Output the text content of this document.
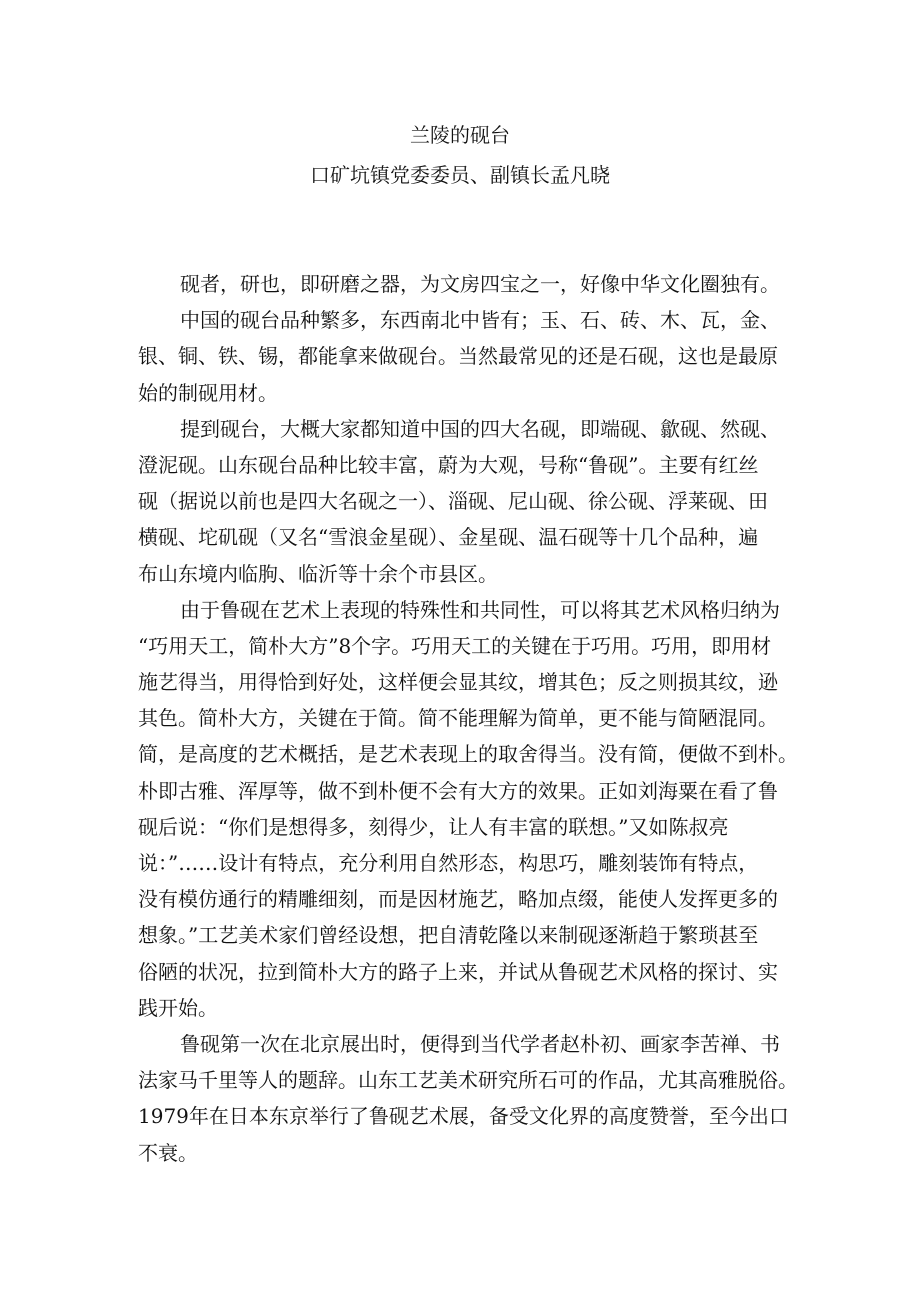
兰陵的砚台
口矿坑镇党委委员、副镇长孟凡晓
砚者，研也，即研磨之器，为文房四宝之一，好像中华文化圈独有。
中国的砚台品种繁多，东西南北中皆有；玉、石、砖、木、瓦，金、
银、铜、铁、锡，都能拿来做砚台。当然最常见的还是石砚，这也是最原
始的制砚用材。
提到砚台，大概大家都知道中国的四大名砚，即端砚、歙砚、然砚、
澄泥砚。山东砚台品种比较丰富，蔚为大观，号称“鲁砚”。主要有红丝
砚（据说以前也是四大名砚之一）、淄砚、尼山砚、徐公砚、浮莱砚、田
横砚、坨矶砚（又名“雪浪金星砚）、金星砚、温石砚等十几个品种，遍
布山东境内临朐、临沂等十余个市县区。
由于鲁砚在艺术上表现的特殊性和共同性，可以将其艺术风格归纳为
“巧用天工，简朴大方”8个字。巧用天工的关键在于巧用。巧用，即用材
施艺得当，用得恰到好处，这样便会显其纹，增其色；反之则损其纹，逊
其色。简朴大方，关键在于简。简不能理解为简单，更不能与简陋混同。
简，是高度的艺术概括，是艺术表现上的取舍得当。没有简，便做不到朴。
朴即古雅、浑厚等，做不到朴便不会有大方的效果。正如刘海粟在看了鲁
砚后说：“你们是想得多，刻得少，让人有丰富的联想。”又如陈叔亮
说：”……设计有特点，充分利用自然形态，构思巧，雕刻装饰有特点，
没有模仿通行的精雕细刻，而是因材施艺，略加点缀，能使人发挥更多的
想象。”工艺美术家们曾经设想，把自清乾隆以来制砚逐渐趋于繁琐甚至
俗陋的状况，拉到简朴大方的路子上来，并试从鲁砚艺术风格的探讨、实
践开始。
鲁砚第一次在北京展出时，便得到当代学者赵朴初、画家李苦禅、书
法家马千里等人的题辞。山东工艺美术研究所石可的作品，尤其高雅脱俗。
1979年在日本东京举行了鲁砚艺术展，备受文化界的高度赞誉，至今出口
不衰。
